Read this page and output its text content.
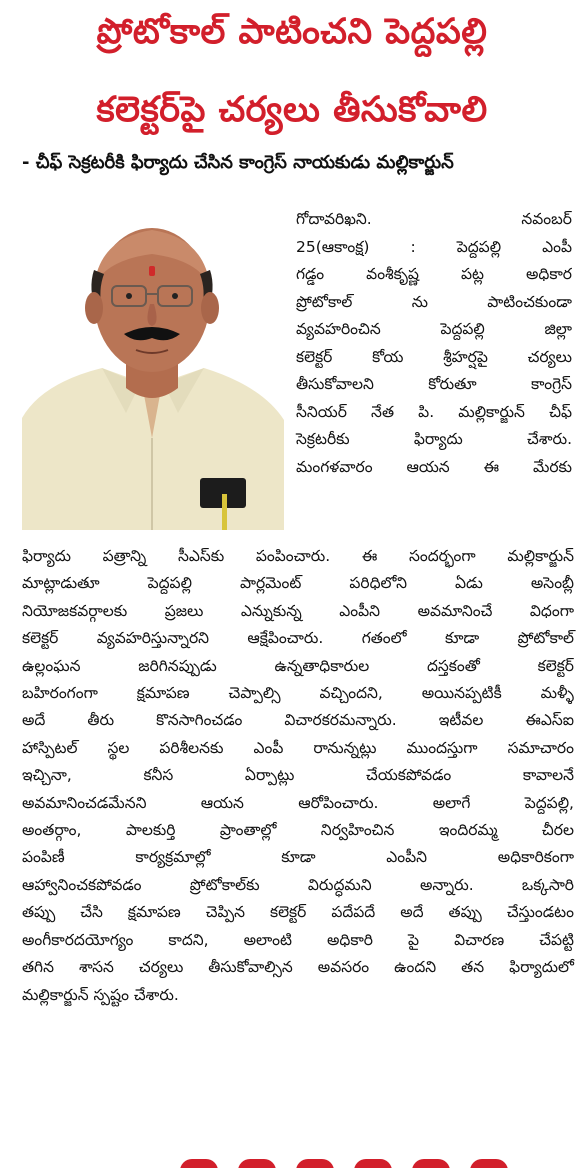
ప్రోటోకాల్ పాటించని పెద్దపల్లి
కలెక్టర్‌పై చర్యలు తీసుకోవాలి
- చీఫ్ సెక్రటరీకి ఫిర్యాదు చేసిన కాంగ్రెస్ నాయకుడు మల్లికార్జున్
గోదావరిఖని. నవంబర్
25(ఆకాంక్ష) : పెద్దపల్లి ఎంపీ
గడ్డం వంశీకృష్ణ పట్ల అధికార
ప్రోటోకాల్ ను పాటించకుండా
వ్యవహరించిన పెద్దపల్లి జిల్లా
కలెక్టర్ కోయ శ్రీహర్షపై చర్యలు
తీసుకోవాలని కోరుతూ కాంగ్రెస్
సీనియర్ నేత పి. మల్లికార్జున్ చీఫ్
సెక్రటరీకు ఫిర్యాదు చేశారు.
మంగళవారం ఆయన ఈ మేరకు
ఫిర్యాదు పత్రాన్ని సీఎస్‌కు పంపించారు. ఈ సందర్భంగా మల్లికార్జున్
మాట్లాడుతూ పెద్దపల్లి పార్లమెంట్ పరిధిలోని ఏడు అసెంబ్లీ
నియోజకవర్గాలకు ప్రజలు ఎన్నుకున్న ఎంపీని అవమానించే విధంగా
కలెక్టర్ వ్యవహరిస్తున్నారని ఆక్షేపించారు. గతంలో కూడా ప్రోటోకాల్
ఉల్లంఘన జరిగినప్పుడు ఉన్నతాధికారుల దస్తకంతో కలెక్టర్
బహిరంగంగా క్షమాపణ చెప్పాల్సి వచ్చిందని, అయినప్పటికీ మళ్ళీ
అదే తీరు కొనసాగించడం విచారకరమన్నారు. ఇటీవల ఈఎస్ఐ
హాస్పిటల్ స్థల పరిశీలనకు ఎంపీ రానున్నట్లు ముందస్తుగా సమాచారం
ఇచ్చినా, కనీస ఏర్పాట్లు చేయకపోవడం కావాలనే
అవమానించడమేనని ఆయన ఆరోపించారు. అలాగే పెద్దపల్లి,
అంతర్గాం, పాలకుర్తి ప్రాంతాల్లో నిర్వహించిన ఇందిరమ్మ చీరల
పంపిణీ కార్యక్రమాల్లో కూడా ఎంపీని అధికారికంగా
ఆహ్వానించకపోవడం ప్రోటోకాల్‌కు విరుద్ధమని అన్నారు. ఒక్కసారి
తప్పు చేసి క్షమాపణ చెప్పిన కలెక్టర్ పదేపదే అదే తప్పు చేస్తుండటం
అంగీకారదయోగ్యం కాదని, అలాంటి అధికారి పై విచారణ చేపట్టి
తగిన శాసన చర్యలు తీసుకోవాల్సిన అవసరం ఉందని తన ఫిర్యాదులో
మల్లికార్జున్ స్పష్టం చేశారు.
